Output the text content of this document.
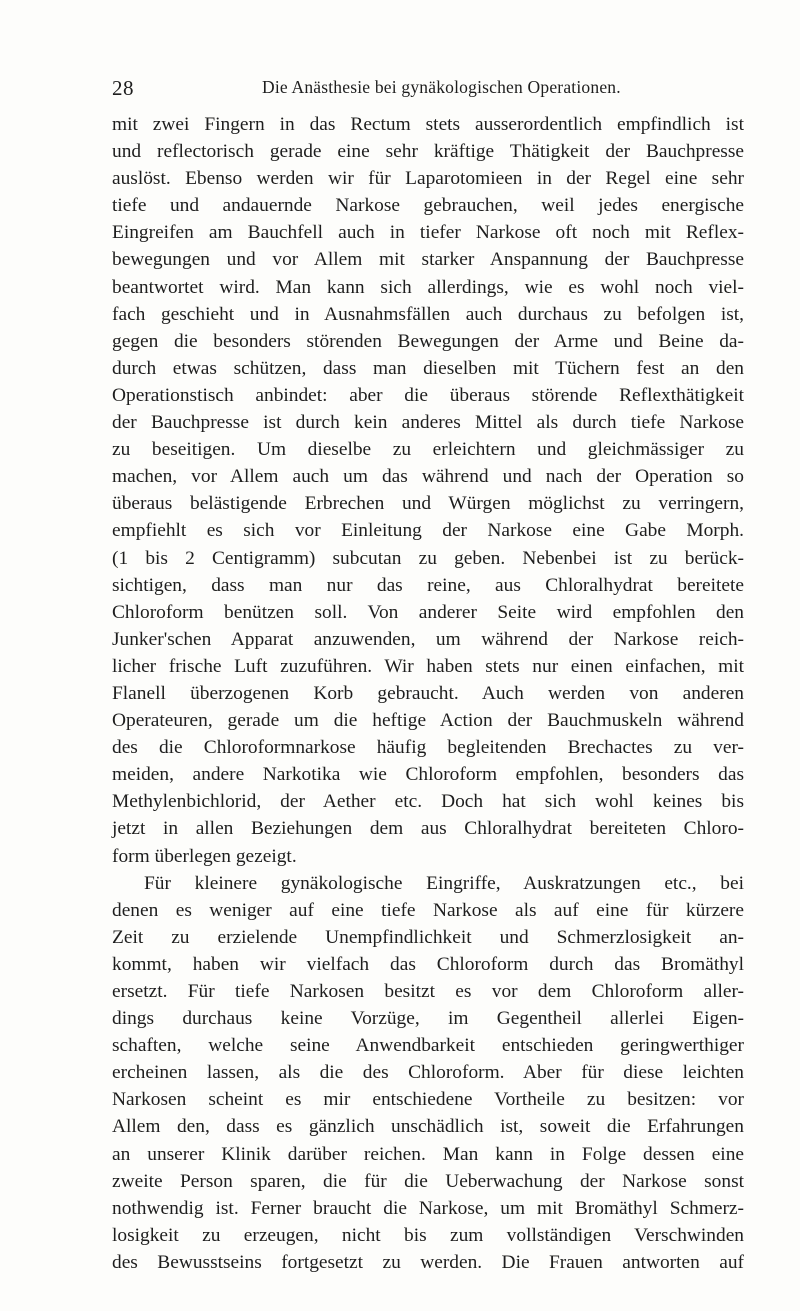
28	Die Anästhesie bei gynäkologischen Operationen.
mit zwei Fingern in das Rectum stets ausserordentlich empfindlich ist
und reflectorisch gerade eine sehr kräftige Thätigkeit der Bauchpresse
auslöst. Ebenso werden wir für Laparotomieen in der Regel eine sehr
tiefe und andauernde Narkose gebrauchen, weil jedes energische
Eingreifen am Bauchfell auch in tiefer Narkose oft noch mit Reflex-
bewegungen und vor Allem mit starker Anspannung der Bauchpresse
beantwortet wird. Man kann sich allerdings, wie es wohl noch viel-
fach geschieht und in Ausnahmsfällen auch durchaus zu befolgen ist,
gegen die besonders störenden Bewegungen der Arme und Beine da-
durch etwas schützen, dass man dieselben mit Tüchern fest an den
Operationstisch anbindet: aber die überaus störende Reflexthätigkeit
der Bauchpresse ist durch kein anderes Mittel als durch tiefe Narkose
zu beseitigen. Um dieselbe zu erleichtern und gleichmässiger zu
machen, vor Allem auch um das während und nach der Operation so
überaus belästigende Erbrechen und Würgen möglichst zu verringern,
empfiehlt es sich vor Einleitung der Narkose eine Gabe Morph.
(1 bis 2 Centigramm) subcutan zu geben. Nebenbei ist zu berück-
sichtigen, dass man nur das reine, aus Chloralhydrat bereitete
Chloroform benützen soll. Von anderer Seite wird empfohlen den
Junker'schen Apparat anzuwenden, um während der Narkose reich-
licher frische Luft zuzuführen. Wir haben stets nur einen einfachen, mit
Flanell überzogenen Korb gebraucht. Auch werden von anderen
Operateuren, gerade um die heftige Action der Bauchmuskeln während
des die Chloroformnarkose häufig begleitenden Brechactes zu ver-
meiden, andere Narkotika wie Chloroform empfohlen, besonders das
Methylenbichlorid, der Aether etc. Doch hat sich wohl keines bis
jetzt in allen Beziehungen dem aus Chloralhydrat bereiteten Chloro-
form überlegen gezeigt.
Für kleinere gynäkologische Eingriffe, Auskratzungen etc., bei
denen es weniger auf eine tiefe Narkose als auf eine für kürzere
Zeit zu erzielende Unempfindlichkeit und Schmerzlosigkeit an-
kommt, haben wir vielfach das Chloroform durch das Bromäthyl
ersetzt. Für tiefe Narkosen besitzt es vor dem Chloroform aller-
dings durchaus keine Vorzüge, im Gegentheil allerlei Eigen-
schaften, welche seine Anwendbarkeit entschieden geringwerthiger
ercheinen lassen, als die des Chloroform. Aber für diese leichten
Narkosen scheint es mir entschiedene Vortheile zu besitzen: vor
Allem den, dass es gänzlich unschädlich ist, soweit die Erfahrungen
an unserer Klinik darüber reichen. Man kann in Folge dessen eine
zweite Person sparen, die für die Ueberwachung der Narkose sonst
nothwendig ist. Ferner braucht die Narkose, um mit Bromäthyl Schmerz-
losigkeit zu erzeugen, nicht bis zum vollständigen Verschwinden
des Bewusstseins fortgesetzt zu werden. Die Frauen antworten auf
